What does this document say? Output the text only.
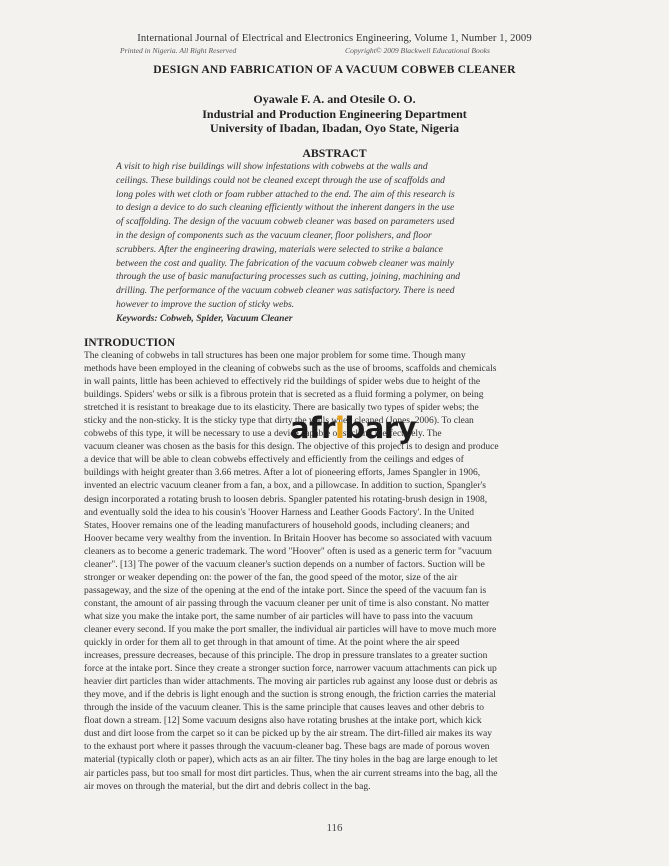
International Journal of Electrical and Electronics Engineering, Volume 1, Number 1, 2009
Printed in Nigeria. All Right Reserved	Copyright© 2009 Blackwell Educational Books
DESIGN AND FABRICATION OF A VACUUM COBWEB CLEANER
Oyawale F. A. and Otesile O. O.
Industrial and Production Engineering Department
University of Ibadan, Ibadan, Oyo State, Nigeria
ABSTRACT
A visit to high rise buildings will show infestations with cobwebs at the walls and
ceilings. These buildings could not be cleaned except through the use of scaffolds and
long poles with wet cloth or foam rubber attached to the end. The aim of this research is
to design a device to do such cleaning efficiently without the inherent dangers in the use
of scaffolding. The design of the vacuum cobweb cleaner was based on parameters used
in the design of components such as the vacuum cleaner, floor polishers, and floor
scrubbers. After the engineering drawing, materials were selected to strike a balance
between the cost and quality. The fabrication of the vacuum cobweb cleaner was mainly
through the use of basic manufacturing processes such as cutting, joining, machining and
drilling. The performance of the vacuum cobweb cleaner was satisfactory. There is need
however to improve the suction of sticky webs.
Keywords: Cobweb, Spider, Vacuum Cleaner
INTRODUCTION
The cleaning of cobwebs in tall structures has been one major problem for some time. Though many
methods have been employed in the cleaning of cobwebs such as the use of brooms, scaffolds and chemicals
in wall paints, little has been achieved to effectively rid the buildings of spider webs due to height of the
buildings. Spiders' webs or silk is a fibrous protein that is secreted as a fluid forming a polymer, on being
stretched it is resistant to breakage due to its elasticity. There are basically two types of spider webs; the
sticky and the non-sticky. It is the sticky type that dirty the walls when cleaned (Jones, 2006). To clean
cobwebs of this type, it will be necessary to use a device capable of sucking it effectively. The
vacuum cleaner was chosen as the basis for this design. The objective of this project is to design and produce
a device that will be able to clean cobwebs effectively and efficiently from the ceilings and edges of
buildings with height greater than 3.66 metres. After a lot of pioneering efforts, James Spangler in 1906,
invented an electric vacuum cleaner from a fan, a box, and a pillowcase. In addition to suction, Spangler's
design incorporated a rotating brush to loosen debris. Spangler patented his rotating-brush design in 1908,
and eventually sold the idea to his cousin's 'Hoover Harness and Leather Goods Factory'. In the United
States, Hoover remains one of the leading manufacturers of household goods, including cleaners; and
Hoover became very wealthy from the invention. In Britain Hoover has become so associated with vacuum
cleaners as to become a generic trademark. The word "Hoover" often is used as a generic term for "vacuum
cleaner". [13] The power of the vacuum cleaner's suction depends on a number of factors. Suction will be
stronger or weaker depending on: the power of the fan, the good speed of the motor, size of the air
passageway, and the size of the opening at the end of the intake port. Since the speed of the vacuum fan is
constant, the amount of air passing through the vacuum cleaner per unit of time is also constant. No matter
what size you make the intake port, the same number of air particles will have to pass into the vacuum
cleaner every second. If you make the port smaller, the individual air particles will have to move much more
quickly in order for them all to get through in that amount of time. At the point where the air speed
increases, pressure decreases, because of this principle. The drop in pressure translates to a greater suction
force at the intake port. Since they create a stronger suction force, narrower vacuum attachments can pick up
heavier dirt particles than wider attachments. The moving air particles rub against any loose dust or debris as
they move, and if the debris is light enough and the suction is strong enough, the friction carries the material
through the inside of the vacuum cleaner. This is the same principle that causes leaves and other debris to
float down a stream. [12] Some vacuum designs also have rotating brushes at the intake port, which kick
dust and dirt loose from the carpet so it can be picked up by the air stream. The dirt-filled air makes its way
to the exhaust port where it passes through the vacuum-cleaner bag. These bags are made of porous woven
material (typically cloth or paper), which acts as an air filter. The tiny holes in the bag are large enough to let
air particles pass, but too small for most dirt particles. Thus, when the air current streams into the bag, all the
air moves on through the material, but the dirt and debris collect in the bag.
afribary
116
